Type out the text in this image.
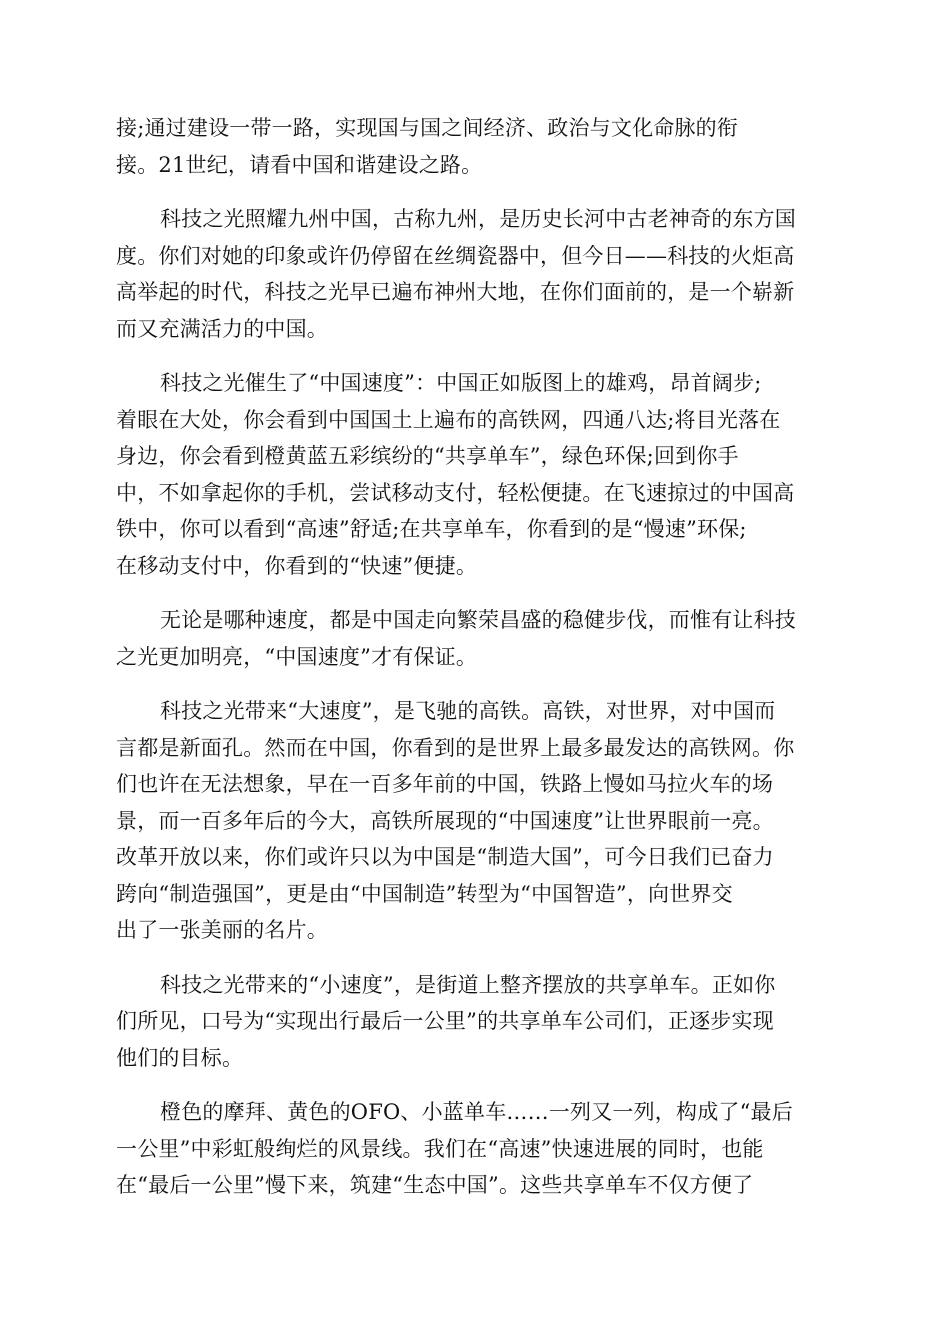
接;通过建设一带一路，实现国与国之间经济、政治与文化命脉的衔
接。21世纪，请看中国和谐建设之路。

科技之光照耀九州中国，古称九州，是历史长河中古老神奇的东方国
度。你们对她的印象或许仍停留在丝绸瓷器中，但今日——科技的火炬高
高举起的时代，科技之光早已遍布神州大地，在你们面前的，是一个崭新
而又充满活力的中国。

科技之光催生了“中国速度”：中国正如版图上的雄鸡，昂首阔步;
着眼在大处，你会看到中国国土上遍布的高铁网，四通八达;将目光落在
身边，你会看到橙黄蓝五彩缤纷的“共享单车”，绿色环保;回到你手
中，不如拿起你的手机，尝试移动支付，轻松便捷。在飞速掠过的中国高
铁中，你可以看到“高速”舒适;在共享单车，你看到的是“慢速”环保;
在移动支付中，你看到的“快速”便捷。

无论是哪种速度，都是中国走向繁荣昌盛的稳健步伐，而惟有让科技
之光更加明亮，“中国速度”才有保证。

科技之光带来“大速度”，是飞驰的高铁。高铁，对世界，对中国而
言都是新面孔。然而在中国，你看到的是世界上最多最发达的高铁网。你
们也许在无法想象，早在一百多年前的中国，铁路上慢如马拉火车的场
景，而一百多年后的今大，高铁所展现的“中国速度”让世界眼前一亮。
改革开放以来，你们或许只以为中国是“制造大国”，可今日我们已奋力
跨向“制造强国”，更是由“中国制造”转型为“中国智造”，向世界交
出了一张美丽的名片。

科技之光带来的“小速度”，是街道上整齐摆放的共享单车。正如你
们所见，口号为“实现出行最后一公里”的共享单车公司们，正逐步实现
他们的目标。

橙色的摩拜、黄色的OFO、小蓝单车……一列又一列，构成了“最后
一公里”中彩虹般绚烂的风景线。我们在“高速”快速进展的同时，也能
在“最后一公里”慢下来，筑建“生态中国”。这些共享单车不仅方便了
